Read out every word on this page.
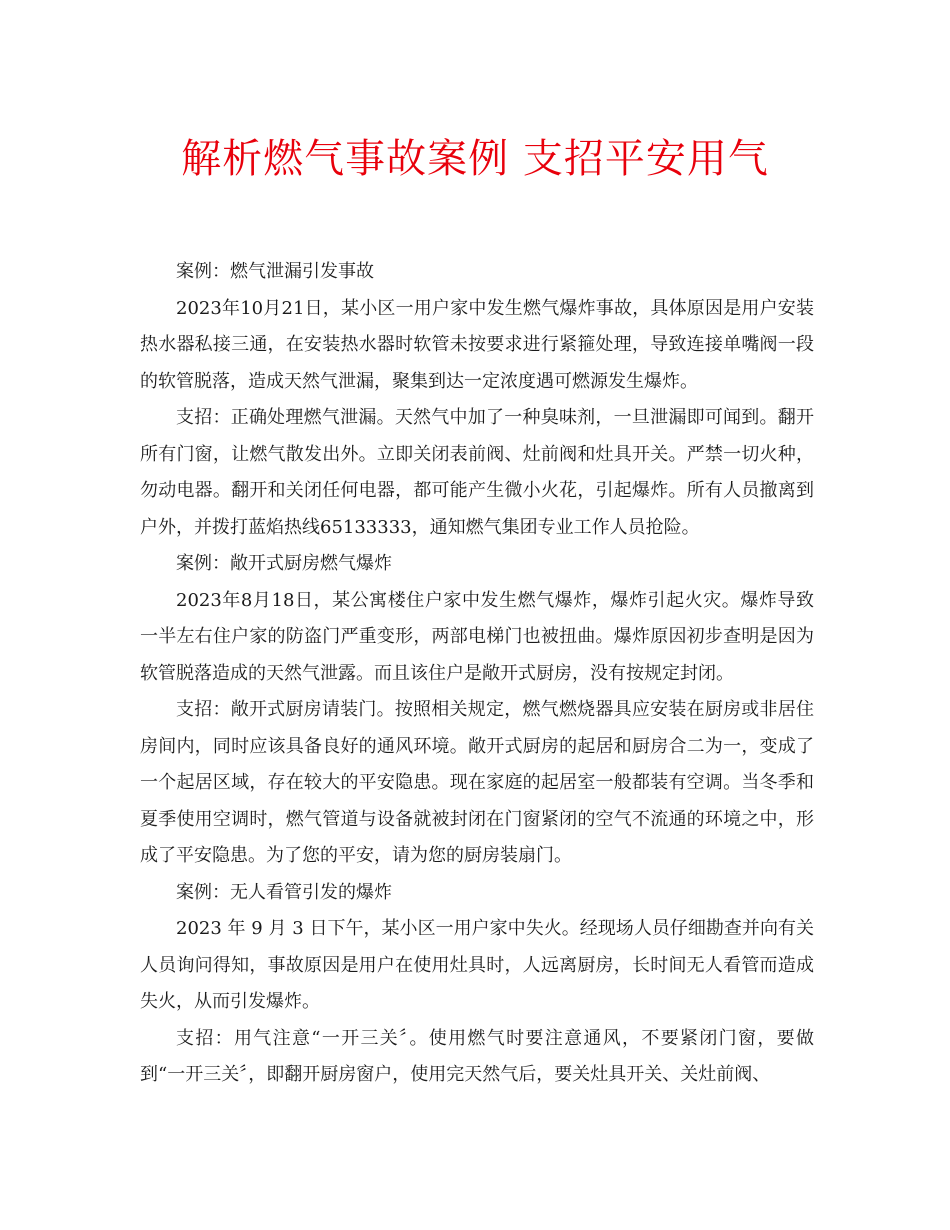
解析燃气事故案例 支招平安用气

案例：燃气泄漏引发事故

2023年10月21日，某小区一用户家中发生燃气爆炸事故，具体原因是用户安装热水器私接三通，在安装热水器时软管未按要求进行紧箍处理，导致连接单嘴阀一段的软管脱落，造成天然气泄漏，聚集到达一定浓度遇可燃源发生爆炸。

支招：正确处理燃气泄漏。天然气中加了一种臭味剂，一旦泄漏即可闻到。翻开所有门窗，让燃气散发出外。立即关闭表前阀、灶前阀和灶具开关。严禁一切火种，勿动电器。翻开和关闭任何电器，都可能产生微小火花，引起爆炸。所有人员撤离到户外，并拨打蓝焰热线65133333，通知燃气集团专业工作人员抢险。

案例：敞开式厨房燃气爆炸

2023年8月18日，某公寓楼住户家中发生燃气爆炸，爆炸引起火灾。爆炸导致一半左右住户家的防盗门严重变形，两部电梯门也被扭曲。爆炸原因初步查明是因为软管脱落造成的天然气泄露。而且该住户是敞开式厨房，没有按规定封闭。

支招：敞开式厨房请装门。按照相关规定，燃气燃烧器具应安装在厨房或非居住房间内，同时应该具备良好的通风环境。敞开式厨房的起居和厨房合二为一，变成了一个起居区域，存在较大的平安隐患。现在家庭的起居室一般都装有空调。当冬季和夏季使用空调时，燃气管道与设备就被封闭在门窗紧闭的空气不流通的环境之中，形成了平安隐患。为了您的平安，请为您的厨房装扇门。

案例：无人看管引发的爆炸

2023 年 9 月 3 日下午，某小区一用户家中失火。经现场人员仔细勘查并向有关人员询问得知，事故原因是用户在使用灶具时，人远离厨房，长时间无人看管而造成失火，从而引发爆炸。

支招：用气注意“一开三关〞。使用燃气时要注意通风，不要紧闭门窗，要做到“一开三关〞，即翻开厨房窗户，使用完天然气后，要关灶具开关、关灶前阀、
